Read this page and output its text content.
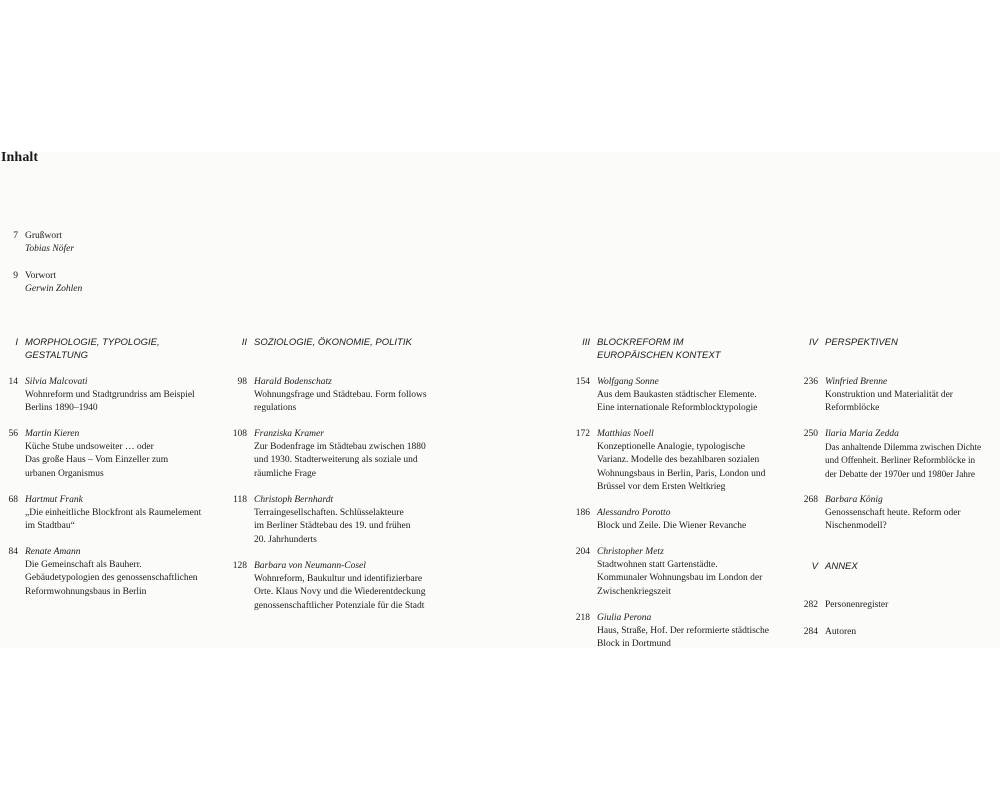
Inhalt
7 Grußwort
Tobias Nöfer
9 Vorwort
Gerwin Zohlen
I MORPHOLOGIE, TYPOLOGIE,
GESTALTUNG
14 Silvia Malcovati
Wohnreform und Stadtgrundriss am Beispiel
Berlins 1890–1940
56 Martin Kieren
Küche Stube undsoweiter … oder
Das große Haus – Vom Einzeller zum
urbanen Organismus
68 Hartmut Frank
„Die einheitliche Blockfront als Raumelement
im Stadtbau“
84 Renate Amann
Die Gemeinschaft als Bauherr.
Gebäudetypologien des genossenschaftlichen
Reformwohnungsbaus in Berlin
II SOZIOLOGIE, ÖKONOMIE, POLITIK
98 Harald Bodenschatz
Wohnungsfrage und Städtebau. Form follows
regulations
108 Franziska Kramer
Zur Bodenfrage im Städtebau zwischen 1880
und 1930. Stadterweiterung als soziale und
räumliche Frage
118 Christoph Bernhardt
Terraingesellschaften. Schlüsselakteure
im Berliner Städtebau des 19. und frühen
20. Jahrhunderts
128 Barbara von Neumann-Cosel
Wohnreform, Baukultur und identifizierbare
Orte. Klaus Novy und die Wiederentdeckung
genossenschaftlicher Potenziale für die Stadt
III BLOCKREFORM IM
EUROPÄISCHEN KONTEXT
154 Wolfgang Sonne
Aus dem Baukasten städtischer Elemente.
Eine internationale Reformblocktypologie
172 Matthias Noell
Konzeptionelle Analogie, typologische
Varianz. Modelle des bezahlbaren sozialen
Wohnungsbaus in Berlin, Paris, London und
Brüssel vor dem Ersten Weltkrieg
186 Alessandro Porotto
Block und Zeile. Die Wiener Revanche
204 Christopher Metz
Stadtwohnen statt Gartenstädte.
Kommunaler Wohnungsbau im London der
Zwischenkriegszeit
218 Giulia Perona
Haus, Straße, Hof. Der reformierte städtische
Block in Dortmund
IV PERSPEKTIVEN
236 Winfried Brenne
Konstruktion und Materialität der
Reformblöcke
250 Ilaria Maria Zedda
Das anhaltende Dilemma zwischen Dichte
und Offenheit. Berliner Reformblöcke in
der Debatte der 1970er und 1980er Jahre
268 Barbara König
Genossenschaft heute. Reform oder
Nischenmodell?
V ANNEX
282 Personenregister
284 Autoren
